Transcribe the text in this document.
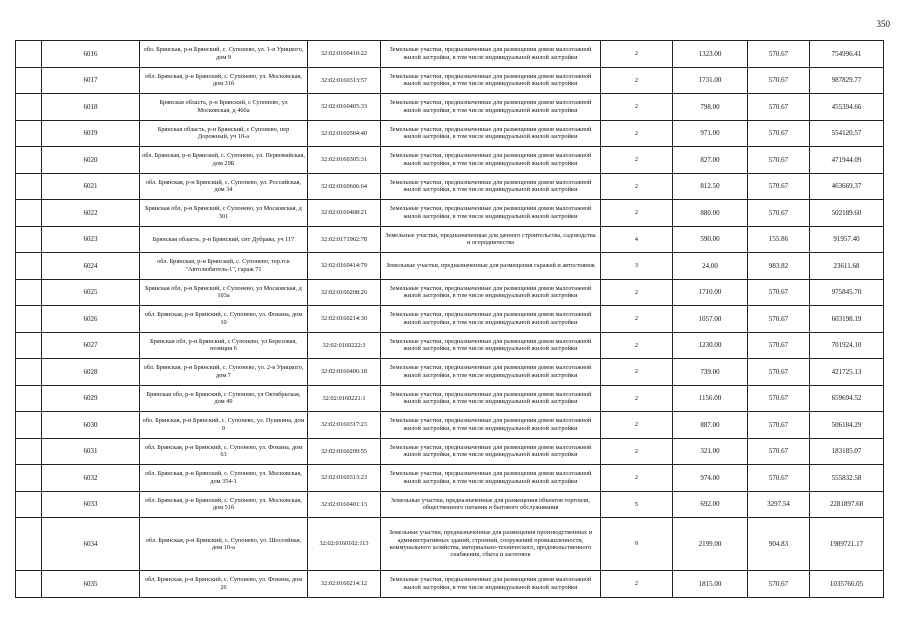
350
	6016	обл. Брянская, р-н Брянский, с. Супонево, ул. 1-я Урицкого, дом 9	32:02:0160410:22	Земельные участки, предназначенные для размещения домов малоэтажной жилой застройки, в том числе индивидуальной жилой застройки	2	1323.00	570.67	754996.41
	6017	обл. Брянская, р-н Брянский, с. Супонево, ул. Московская, дом 31б	32:02:0160313:57	Земельные участки, предназначенные для размещения домов малоэтажной жилой застройки, в том числе индивидуальной жилой застройки	2	1731.00	570.67	987829.77
	6018	Брянская область, р-н Брянский, с Супонево, ул Московская, д 460а	32:02:0160405:33	Земельные участки, предназначенные для размещения домов малоэтажной жилой застройки, в том числе индивидуальной жилой застройки	2	798.00	570.67	455394.66
	6019	Брянская область, р-н Брянский, с Супонево, пер Дорожный, уч 10-а	32:02:0160504:40	Земельные участки, предназначенные для размещения домов малоэтажной жилой застройки, в том числе индивидуальной жилой застройки	2	971.00	570.67	554120.57
	6020	обл. Брянская, р-н Брянский, с. Супонево, ул. Первомайская, дом 29Б	32:02:0160305:31	Земельные участки, предназначенные для размещения домов малоэтажной жилой застройки, в том числе индивидуальной жилой застройки	2	827.00	570.67	471944.09
	6021	обл. Брянская, р-н Брянский, с. Супонево, ул. Российская, дом 34	32:02:0160606:64	Земельные участки, предназначенные для размещения домов малоэтажной жилой застройки, в том числе индивидуальной жилой застройки	2	812.50	570.67	463669.37
	6022	Брянская обл, р-н Брянский, с Супонево, ул Московская, д 301	32:02:0160408:21	Земельные участки, предназначенные для размещения домов малоэтажной жилой застройки, в том числе индивидуальной жилой застройки	2	880.00	570.67	502189.60
	6023	Брянская область, р-н Брянский, снт Дубрава, уч 117	32:02:0171902:78	Земельные участки, предназначенные для дачного строительства, садоводства и огородничества	4	590.00	155.86	91957.40
	6024	обл. Брянская, р-н Брянский, с. Супонево, тер.гск "Автолюбитель-1", гараж 71	32:02:0160414:79	Земельные участки, предназначенные для размещения гаражей и автостоянок	3	24.00	983.82	23611.68
	6025	Брянская обл, р-н Брянский, с Супонево, ул Московская, д 103а	32:02:0160208:26	Земельные участки, предназначенные для размещения домов малоэтажной жилой застройки, в том числе индивидуальной жилой застройки	2	1710.00	570.67	975845.70
	6026	обл. Брянская, р-н Брянский, с. Супонево, ул. Фокина, дом 10	32:02:0160214:30	Земельные участки, предназначенные для размещения домов малоэтажной жилой застройки, в том числе индивидуальной жилой застройки	2	1057.00	570.67	603198.19
	6027	Брянская обл, р-н Брянский, с Супонево, ул Березовая, позиция 6	32:02:0160222:3	Земельные участки, предназначенные для размещения домов малоэтажной жилой застройки, в том числе индивидуальной жилой застройки	2	1230.00	570.67	701924.10
	6028	обл. Брянская, р-н Брянский, с. Супонево, ул. 2-я Урицкого, дом 7	32:02:0160406:18	Земельные участки, предназначенные для размещения домов малоэтажной жилой застройки, в том числе индивидуальной жилой застройки	2	739.00	570.67	421725.13
	6029	Брянская обл, р-н Брянский, с Супонево, ул Октябрьская, дом 49	32:02:0160221:1	Земельные участки, предназначенные для размещения домов малоэтажной жилой застройки, в том числе индивидуальной жилой застройки	2	1156.00	570.67	659694.52
	6030	обл. Брянская, р-н Брянский, с. Супонево, ул. Пушкина, дом 9	32:02:0160317:23	Земельные участки, предназначенные для размещения домов малоэтажной жилой застройки, в том числе индивидуальной жилой застройки	2	887.00	570.67	506184.29
	6031	обл. Брянская, р-н Брянский, с. Супонево, ул. Фокина, дом 63	32:02:0160209:55	Земельные участки, предназначенные для размещения домов малоэтажной жилой застройки, в том числе индивидуальной жилой застройки	2	321.00	570.67	183185.07
	6032	обл. Брянская, р-н Брянский, с. Супонево, ул. Московская, дом 354-1	32:02:0160313:23	Земельные участки, предназначенные для размещения домов малоэтажной жилой застройки, в том числе индивидуальной жилой застройки	2	974.00	570.67	555832.58
	6033	обл. Брянская, р-н Брянский, с. Супонево, ул. Московская, дом 51б	32:02:0160401:13	Земельные участки, предназначенные для размещения объектов торговли, общественного питания и бытового обслуживания	5	692.00	3297.54	2281897.68
	6034	обл. Брянская, р-н Брянский, с. Супонево, ул. Шоссейная, дом 10-а	32:02:0160102:113	Земельные участки, предназначенные для размещения производственных и административных зданий, строений, сооружений промышленности, коммунального хозяйства, материально-технического, продовольственного снабжения, сбыта и заготовок	9	2199.00	904.83	1989721.17
	6035	обл. Брянская, р-н Брянский, с. Супонево, ул. Фокина, дом 26	32:02:0160214:12	Земельные участки, предназначенные для размещения домов малоэтажной жилой застройки, в том числе индивидуальной жилой застройки	2	1815.00	570.67	1035766.05
